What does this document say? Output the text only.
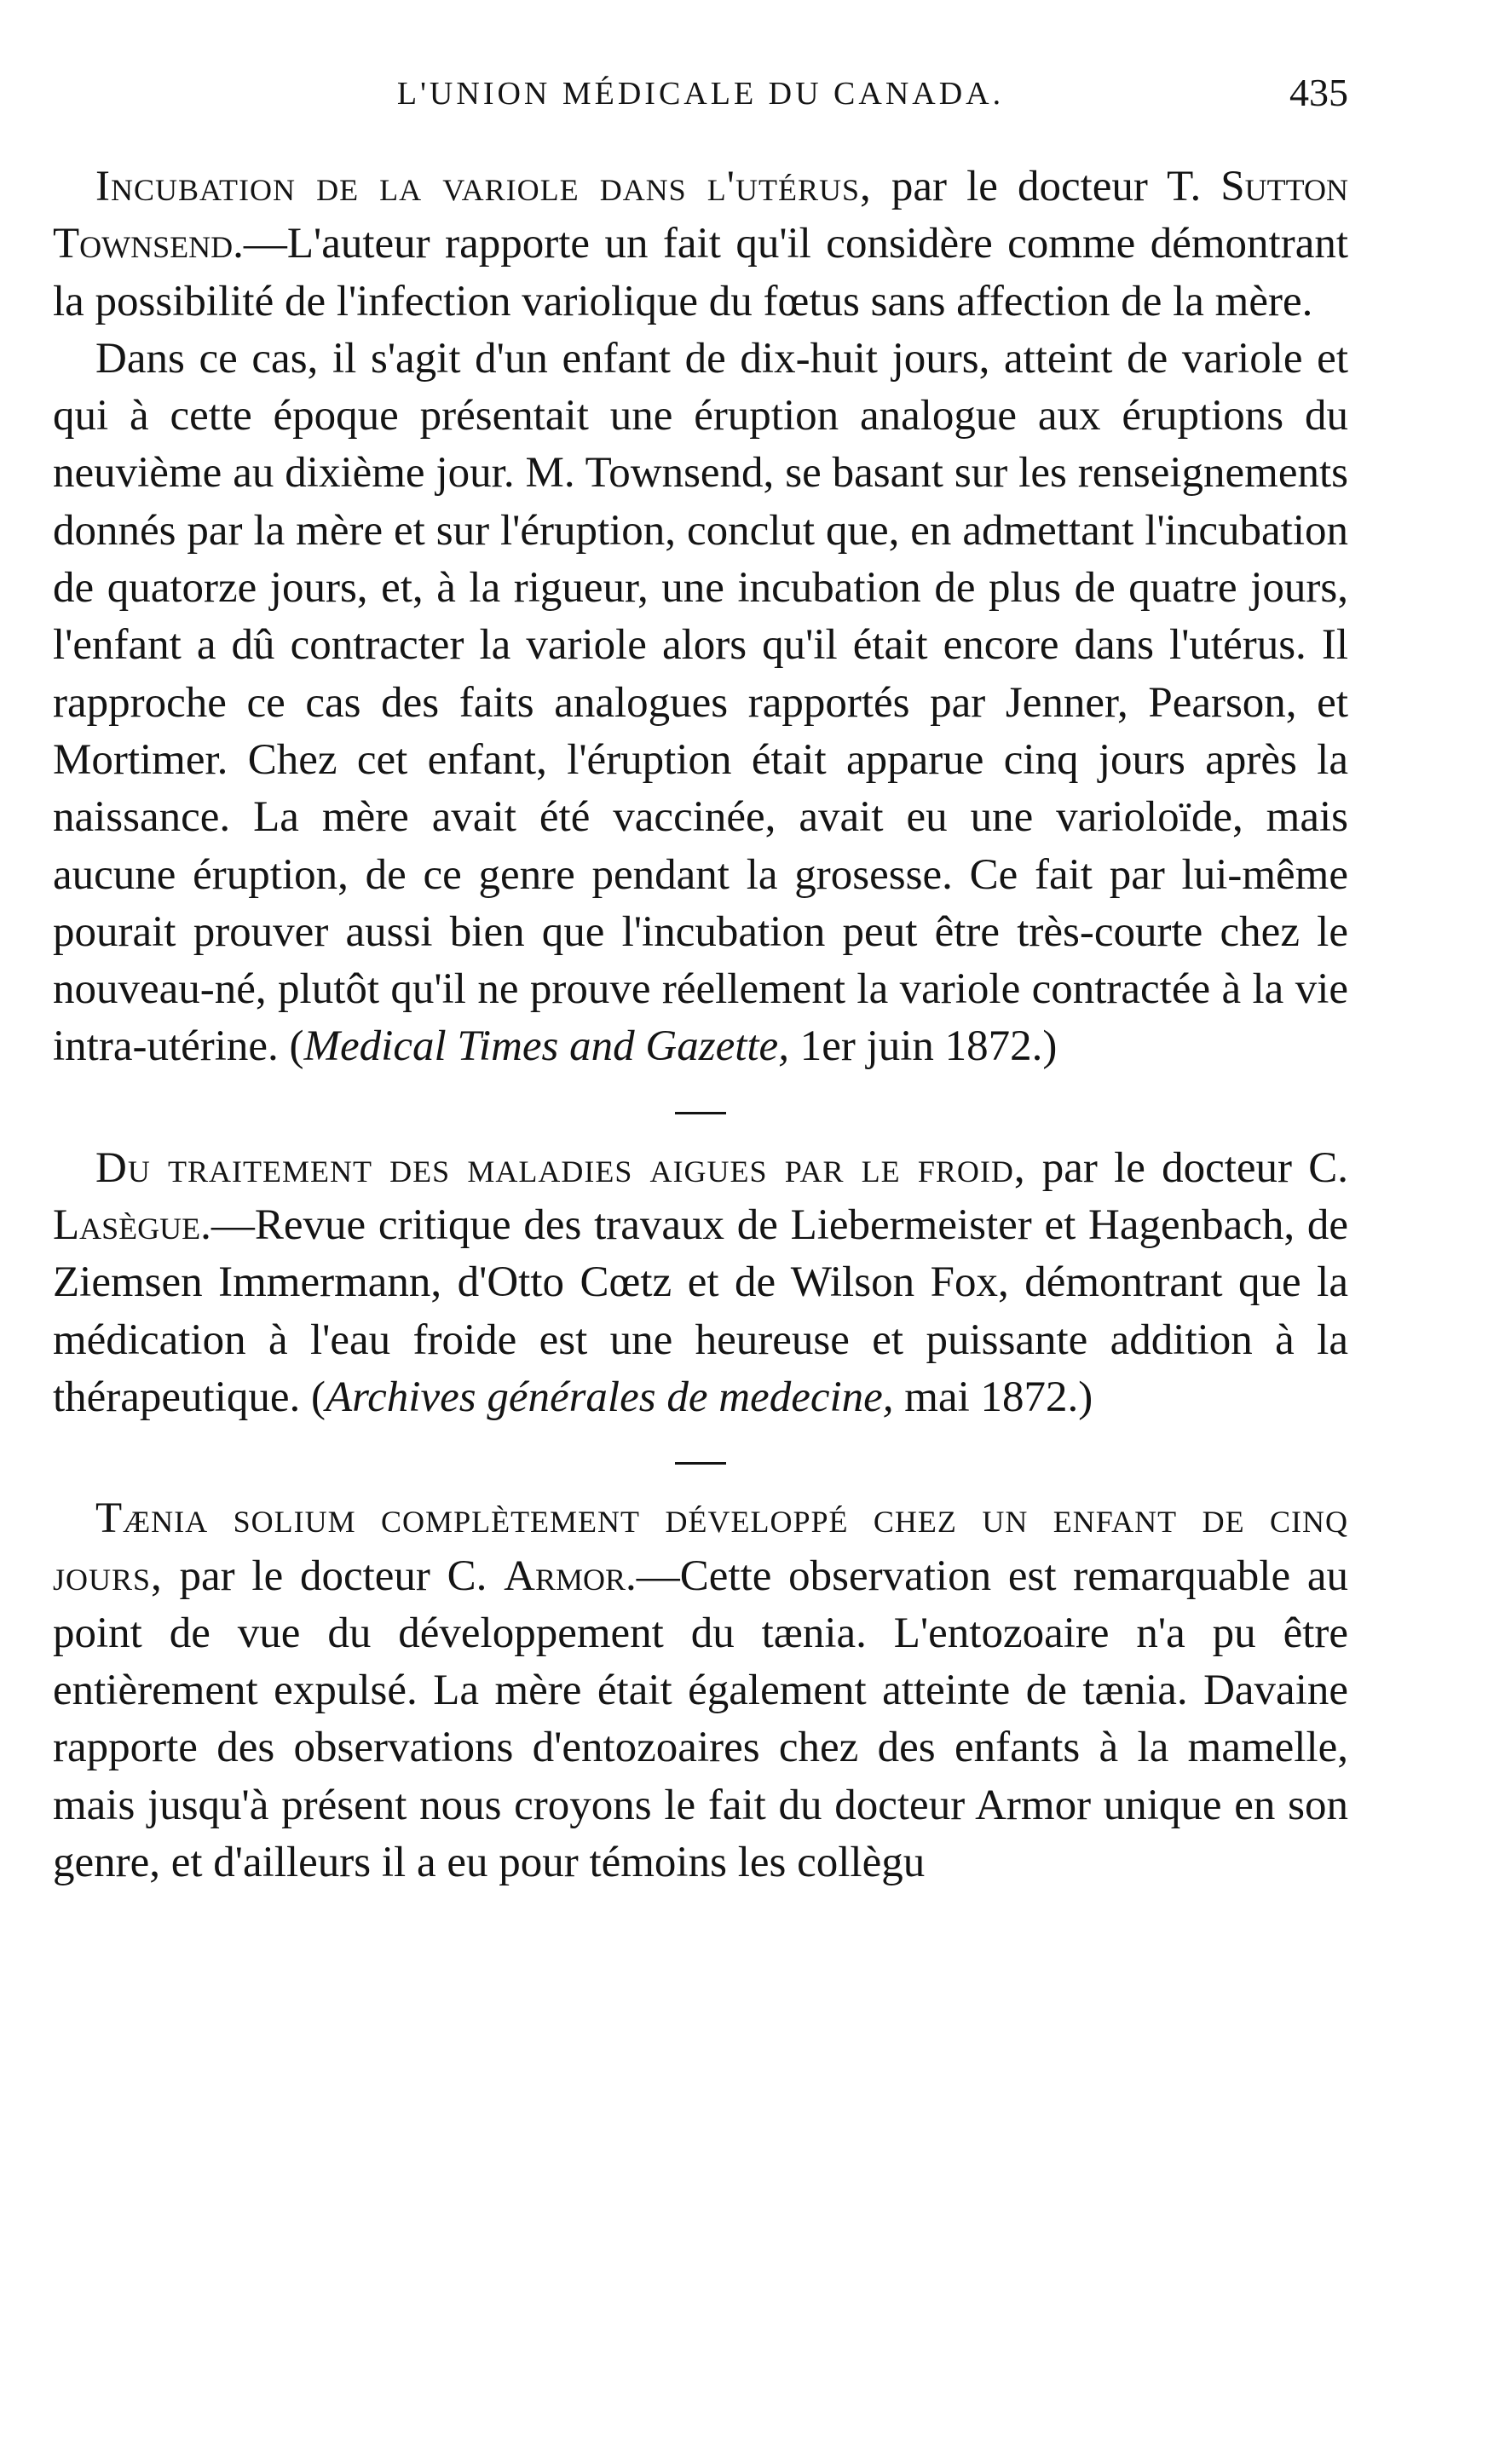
L'UNION MÉDICALE DU CANADA.	435

Incubation de la variole dans l'utérus, par le docteur T. Sutton Townsend.—L'auteur rapporte un fait qu'il considère comme démontrant la possibilité de l'infection variolique du fœtus sans affection de la mère.

Dans ce cas, il s'agit d'un enfant de dix-huit jours, atteint de variole et qui à cette époque présentait une éruption analogue aux éruptions du neuvième au dixième jour. M. Townsend, se basant sur les renseignements donnés par la mère et sur l'éruption, conclut que, en admettant l'incubation de quatorze jours, et, à la rigueur, une incubation de plus de quatre jours, l'enfant a dû contracter la variole alors qu'il était encore dans l'utérus. Il rapproche ce cas des faits analogues rapportés par Jenner, Pearson, et Mortimer. Chez cet enfant, l'éruption était apparue cinq jours après la naissance. La mère avait été vaccinée, avait eu une varioloïde, mais aucune éruption, de ce genre pendant la grosesse. Ce fait par lui-même pourait prouver aussi bien que l'incubation peut être très-courte chez le nouveau-né, plutôt qu'il ne prouve réellement la variole contractée à la vie intra-utérine. (Medical Times and Gazette, 1er juin 1872.)

Du traitement des maladies aigues par le froid, par le docteur C. Lasègue.—Revue critique des travaux de Liebermeister et Hagenbach, de Ziemsen Immermann, d'Otto Cœtz et de Wilson Fox, démontrant que la médication à l'eau froide est une heureuse et puissante addition à la thérapeutique. (Archives générales de medecine, mai 1872.)

Tænia solium complètement développé chez un enfant de cinq jours, par le docteur C. Armor.—Cette observation est remarquable au point de vue du développement du tænia. L'entozoaire n'a pu être entièrement expulsé. La mère était également atteinte de tænia. Davaine rapporte des observations d'entozoaires chez des enfants à la mamelle, mais jusqu'à présent nous croyons le fait du docteur Armor unique en son genre, et d'ailleurs il a eu pour témoins les collègu
